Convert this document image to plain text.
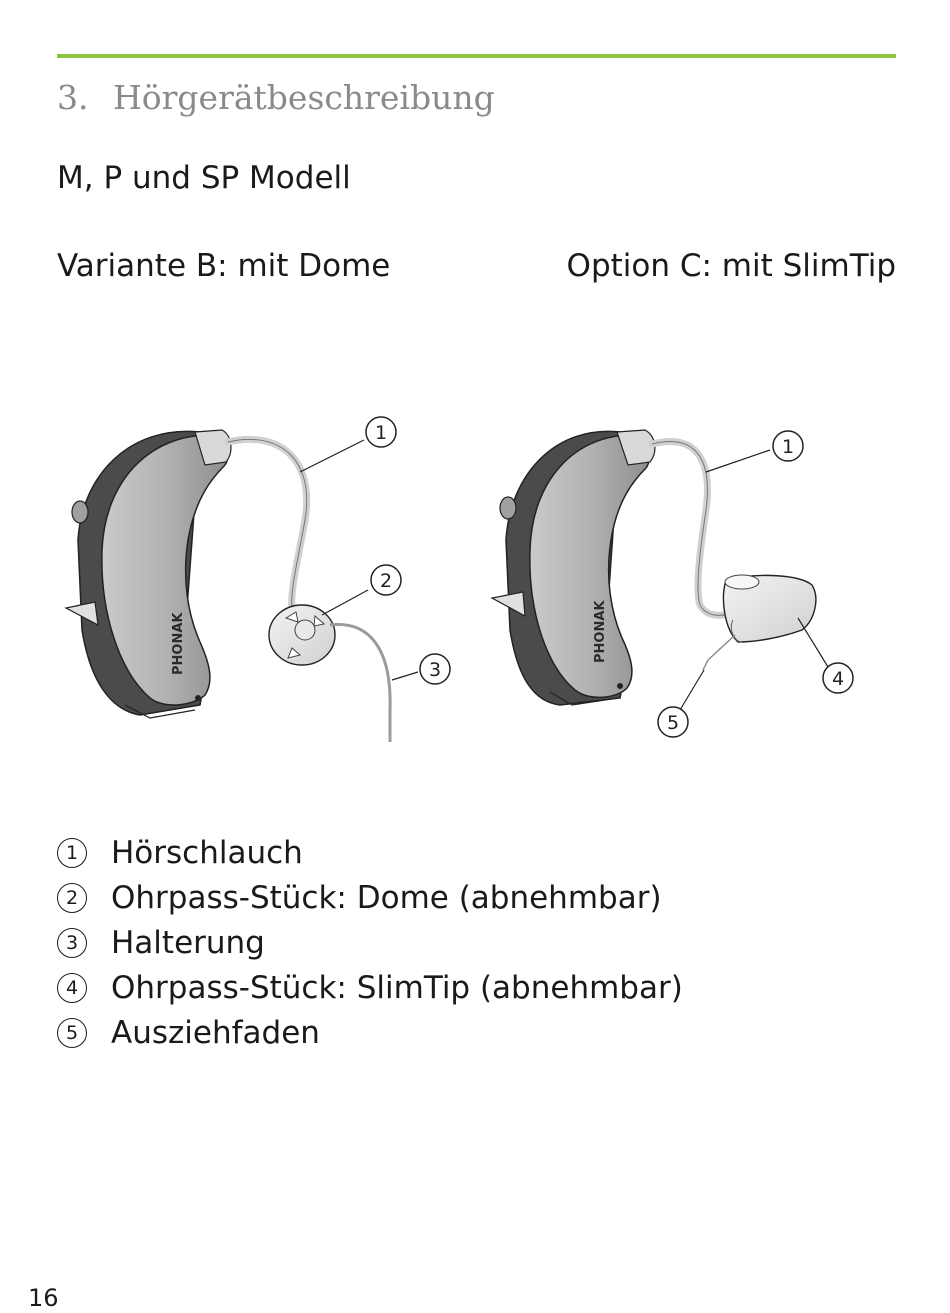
3. Hörgerätbeschreibung
M, P und SP Modell
Variante B: mit Dome	Option C: mit SlimTip
PHONAK
1
2
3
PHONAK
1
4
5
1 Hörschlauch
2 Ohrpass-Stück: Dome (abnehmbar)
3 Halterung
4 Ohrpass-Stück: SlimTip (abnehmbar)
5 Ausziehfaden
16
